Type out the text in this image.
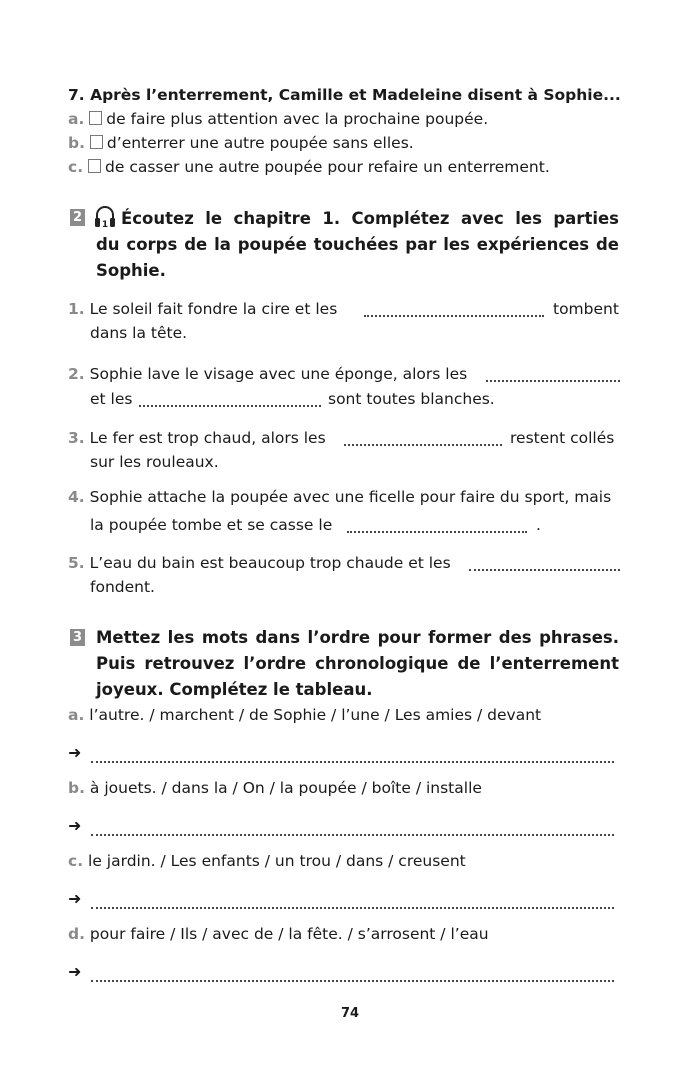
7. Après l’enterrement, Camille et Madeleine disent à Sophie...
a. de faire plus attention avec la prochaine poupée.
b. d’enterrer une autre poupée sans elles.
c. de casser une autre poupée pour refaire un enterrement.
2	1 Écoutez le chapitre 1. Complétez avec les parties
du corps de la poupée touchées par les expériences de
Sophie.
1. Le soleil fait fondre la cire et les	tombent
dans la tête.
2. Sophie lave le visage avec une éponge, alors les
et les	sont toutes blanches.
3. Le fer est trop chaud, alors les	restent collés
sur les rouleaux.
4. Sophie attache la poupée avec une ficelle pour faire du sport, mais
la poupée tombe et se casse le	.
5. L’eau du bain est beaucoup trop chaude et les
fondent.
3 Mettez les mots dans l’ordre pour former des phrases.
Puis retrouvez l’ordre chronologique de l’enterrement
joyeux. Complétez le tableau.
a. l’autre. / marchent / de Sophie / l’une / Les amies / devant
➜
b. à jouets. / dans la / On / la poupée / boîte / installe
➜
c. le jardin. / Les enfants / un trou / dans / creusent
➜
d. pour faire / Ils / avec de / la fête. / s’arrosent / l’eau
➜
74
